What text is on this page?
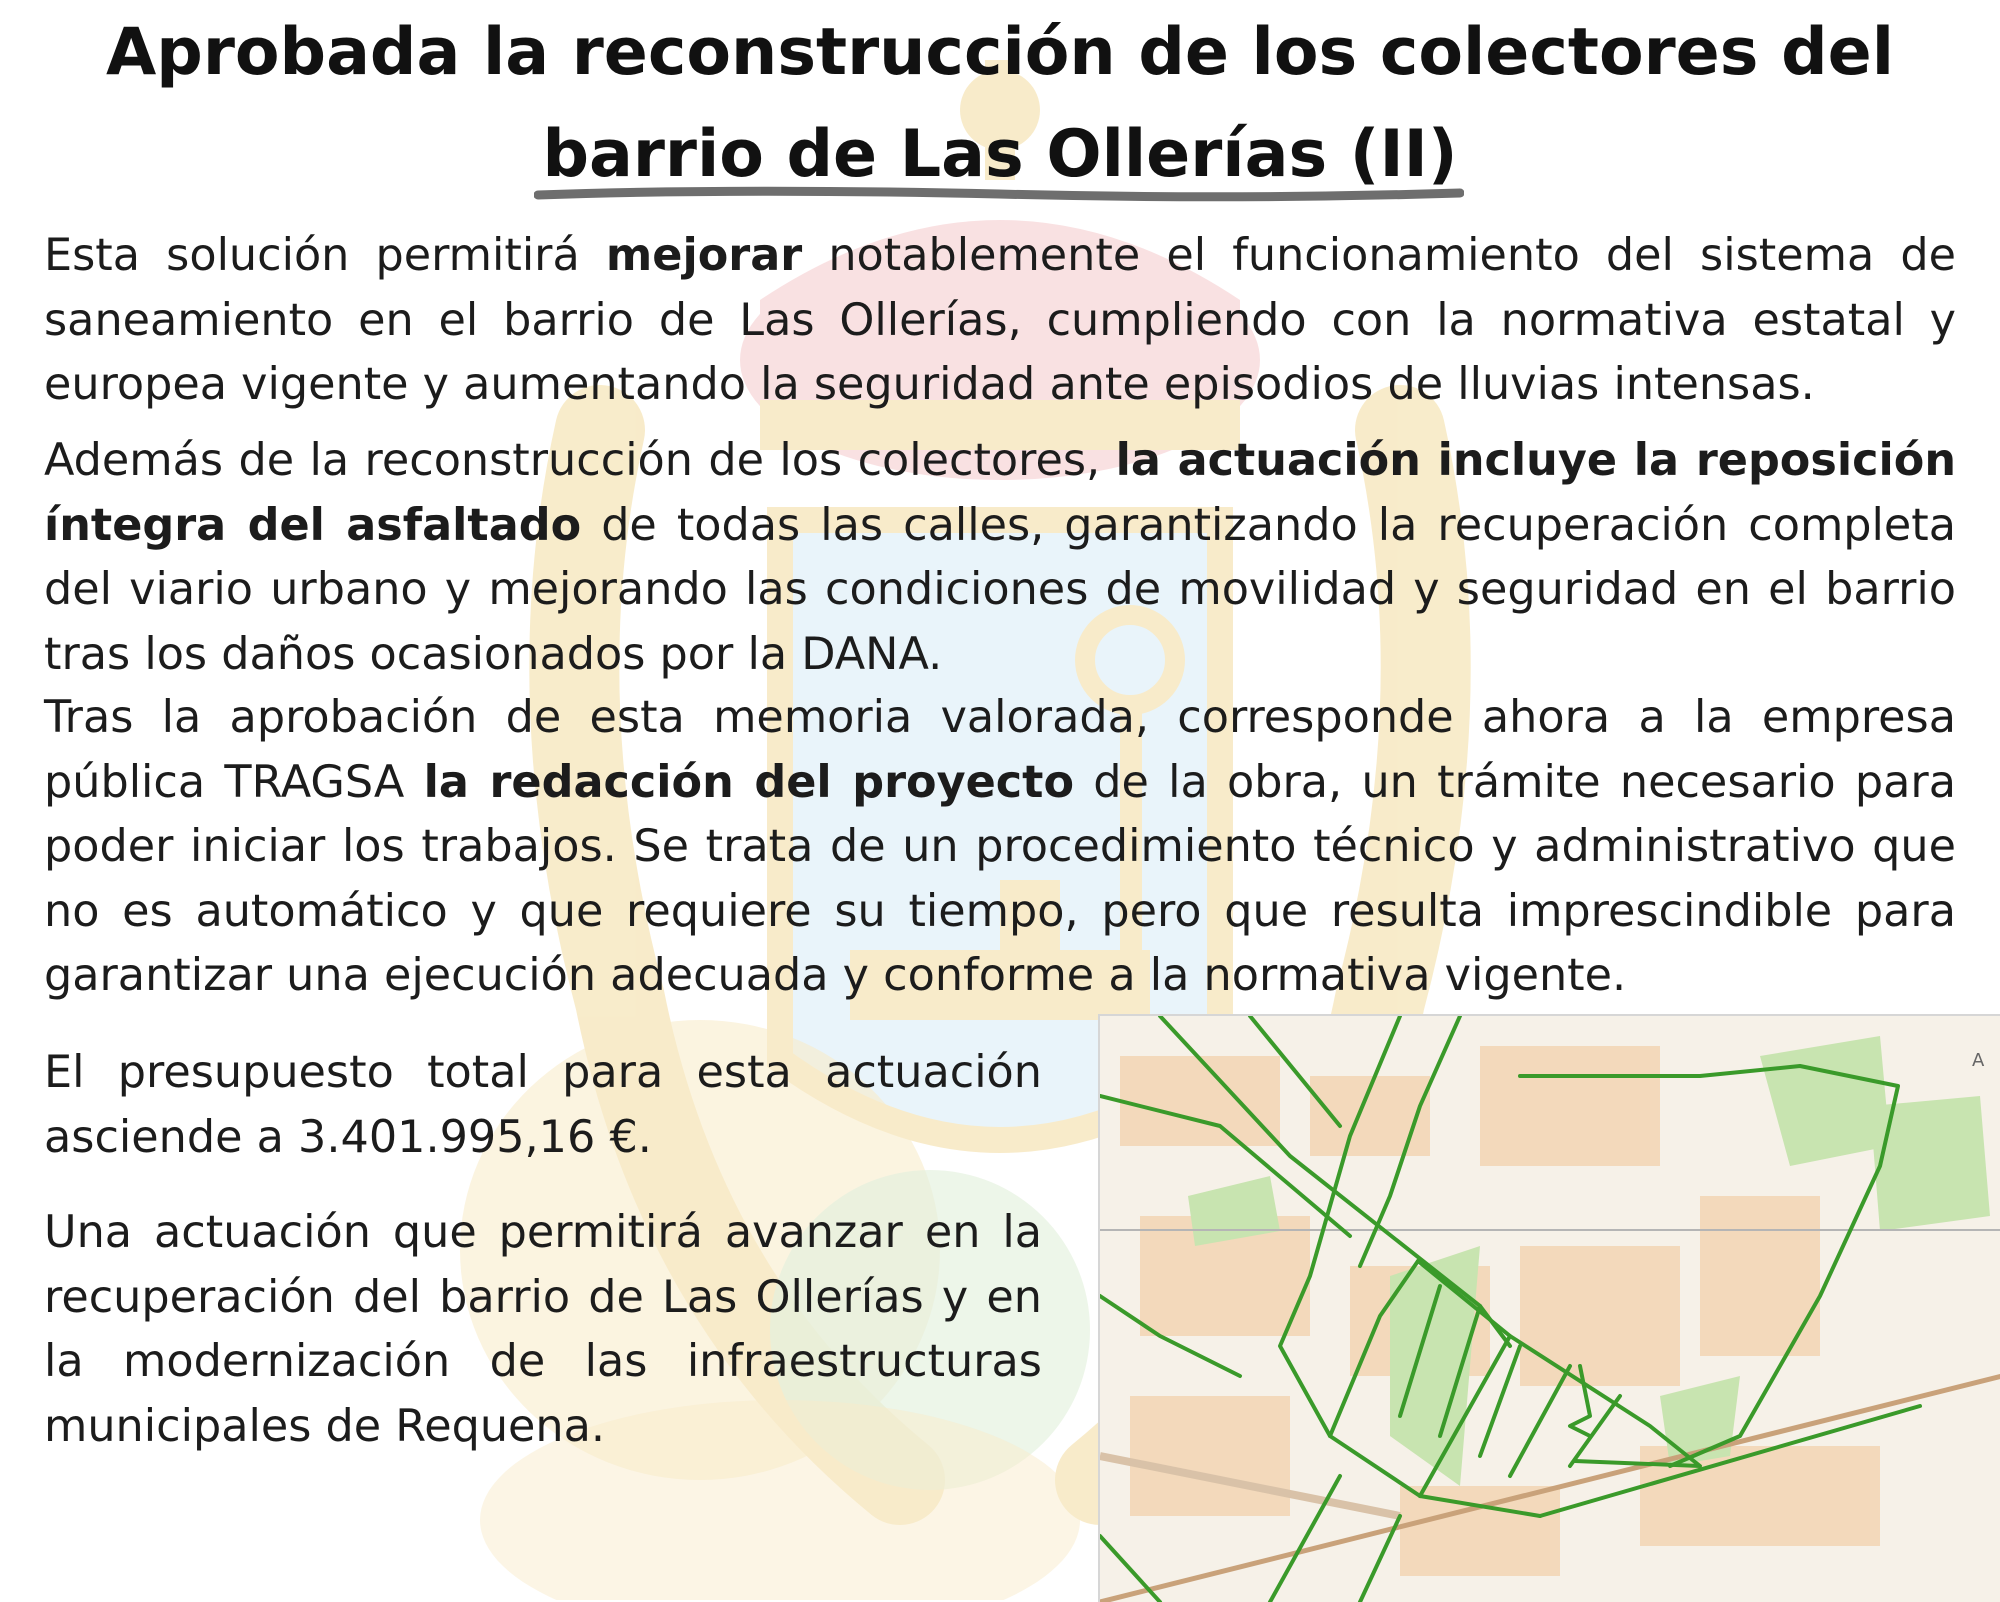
A
Aprobada la reconstrucción de los colectores del barrio de Las Ollerías (II)

Esta solución permitirá mejorar notablemente el funcionamiento del sistema de saneamiento en el barrio de Las Ollerías, cumpliendo con la normativa estatal y europea vigente y aumentando la seguridad ante episodios de lluvias intensas.

Además de la reconstrucción de los colectores, la actuación incluye la reposición íntegra del asfaltado de todas las calles, garantizando la recuperación completa del viario urbano y mejorando las condiciones de movilidad y seguridad en el barrio tras los daños ocasionados por la DANA.

Tras la aprobación de esta memoria valorada, corresponde ahora a la empresa pública TRAGSA la redacción del proyecto de la obra, un trámite necesario para poder iniciar los trabajos. Se trata de un procedimiento técnico y administrativo que no es automático y que requiere su tiempo, pero que resulta imprescindible para garantizar una ejecución adecuada y conforme a la normativa vigente.

El presupuesto total para esta actuación asciende a 3.401.995,16 €.

Una actuación que permitirá avanzar en la recuperación del barrio de Las Ollerías y en la modernización de las infraestructuras municipales de Requena.
